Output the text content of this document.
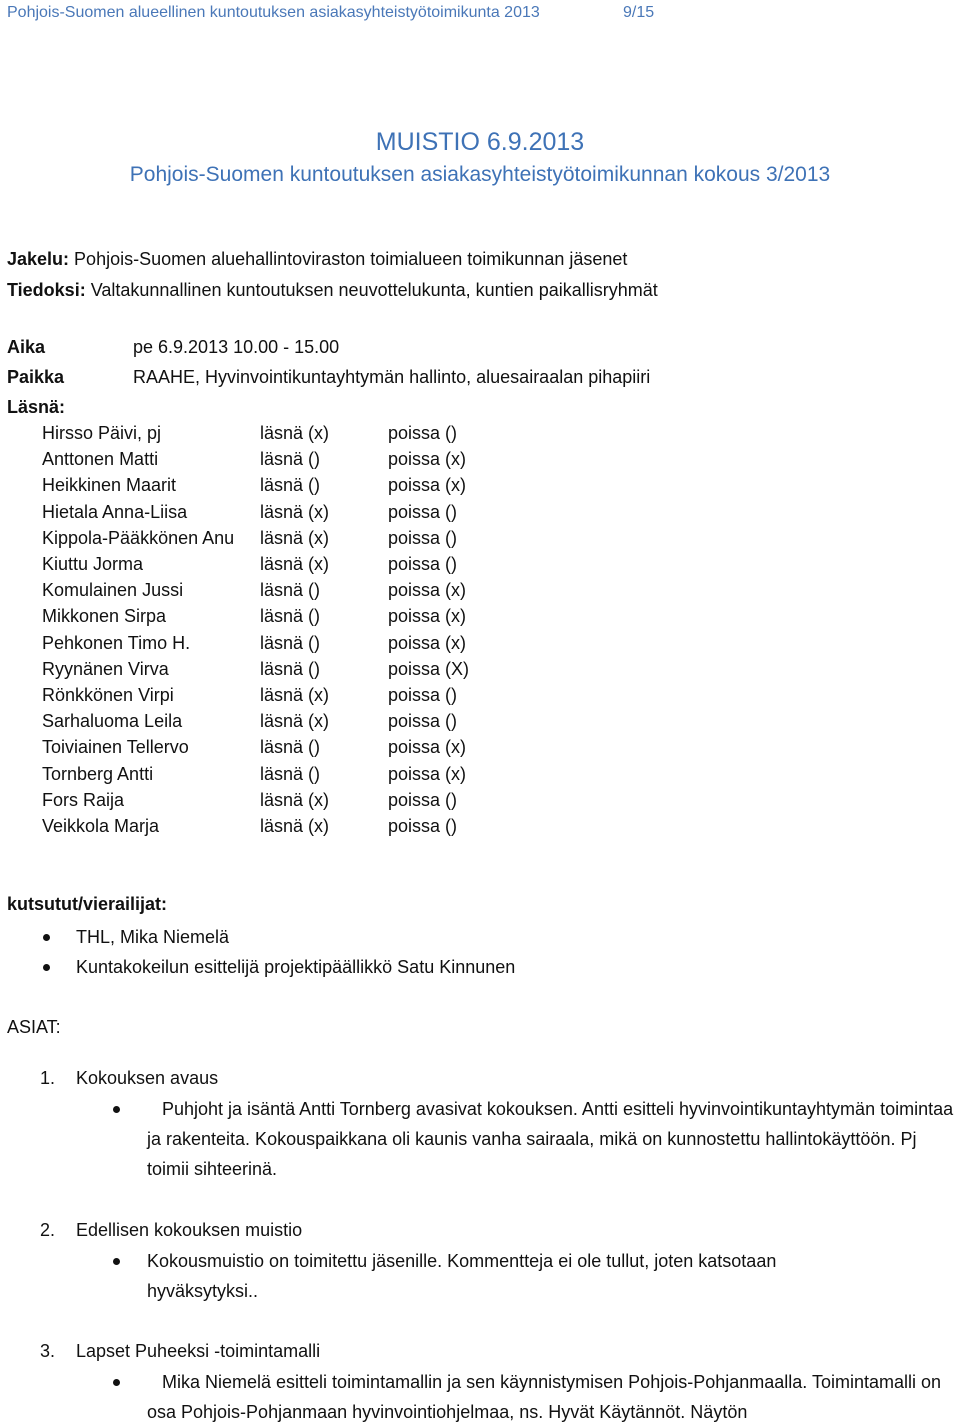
Pohjois-Suomen alueellinen kuntoutuksen asiakasyhteistyötoimikunta 2013	9/15
MUISTIO 6.9.2013
Pohjois-Suomen kuntoutuksen asiakasyhteistyötoimikunnan kokous 3/2013
Jakelu: Pohjois-Suomen aluehallintoviraston toimialueen toimikunnan jäsenet
Tiedoksi: Valtakunnallinen kuntoutuksen neuvottelukunta, kuntien paikallisryhmät
Aika	pe 6.9.2013 10.00 - 15.00
Paikka	RAAHE, Hyvinvointikuntayhtymän hallinto, aluesairaalan pihapiiri
Läsnä:
Hirsso Päivi, pj	läsnä (x)	poissa ()
Anttonen Matti	läsnä ()	poissa (x)
Heikkinen Maarit	läsnä ()	poissa (x)
Hietala Anna-Liisa	läsnä (x)	poissa ()
Kippola-Pääkkönen Anu läsnä (x)	poissa ()
Kiuttu Jorma	läsnä (x)	poissa ()
Komulainen Jussi	läsnä ()	poissa (x)
Mikkonen Sirpa	läsnä ()	poissa (x)
Pehkonen Timo H.	läsnä ()	poissa (x)
Ryynänen Virva	läsnä ()	poissa (X)
Rönkkönen Virpi	läsnä (x)	poissa ()
Sarhaluoma Leila	läsnä (x)	poissa ()
Toiviainen Tellervo	läsnä ()	poissa (x)
Tornberg Antti	läsnä ()	poissa (x)
Fors Raija	läsnä (x)	poissa ()
Veikkola Marja	läsnä (x)	poissa ()
kutsutut/vierailijat:
THL, Mika Niemelä
Kuntakokeilun esittelijä projektipäällikkö Satu Kinnunen
ASIAT:
1. Kokouksen avaus
Puhjoht ja isäntä Antti Tornberg avasivat kokouksen. Antti esitteli hyvinvointikuntayhtymän toimintaa ja rakenteita. Kokouspaikkana oli kaunis vanha sairaala, mikä on kunnostettu hallintokäyttöön. Pj toimii sihteerinä.
2. Edellisen kokouksen muistio
Kokousmuistio on toimitettu jäsenille. Kommentteja ei ole tullut, joten katsotaan hyväksytyksi..
3. Lapset Puheeksi -toimintamalli
Mika Niemelä esitteli toimintamallin ja sen käynnistymisen Pohjois-Pohjanmaalla. Toimintamalli on osa Pohjois-Pohjanmaan hyvinvointiohjelmaa, ns. Hyvät Käytännöt. Näytön
